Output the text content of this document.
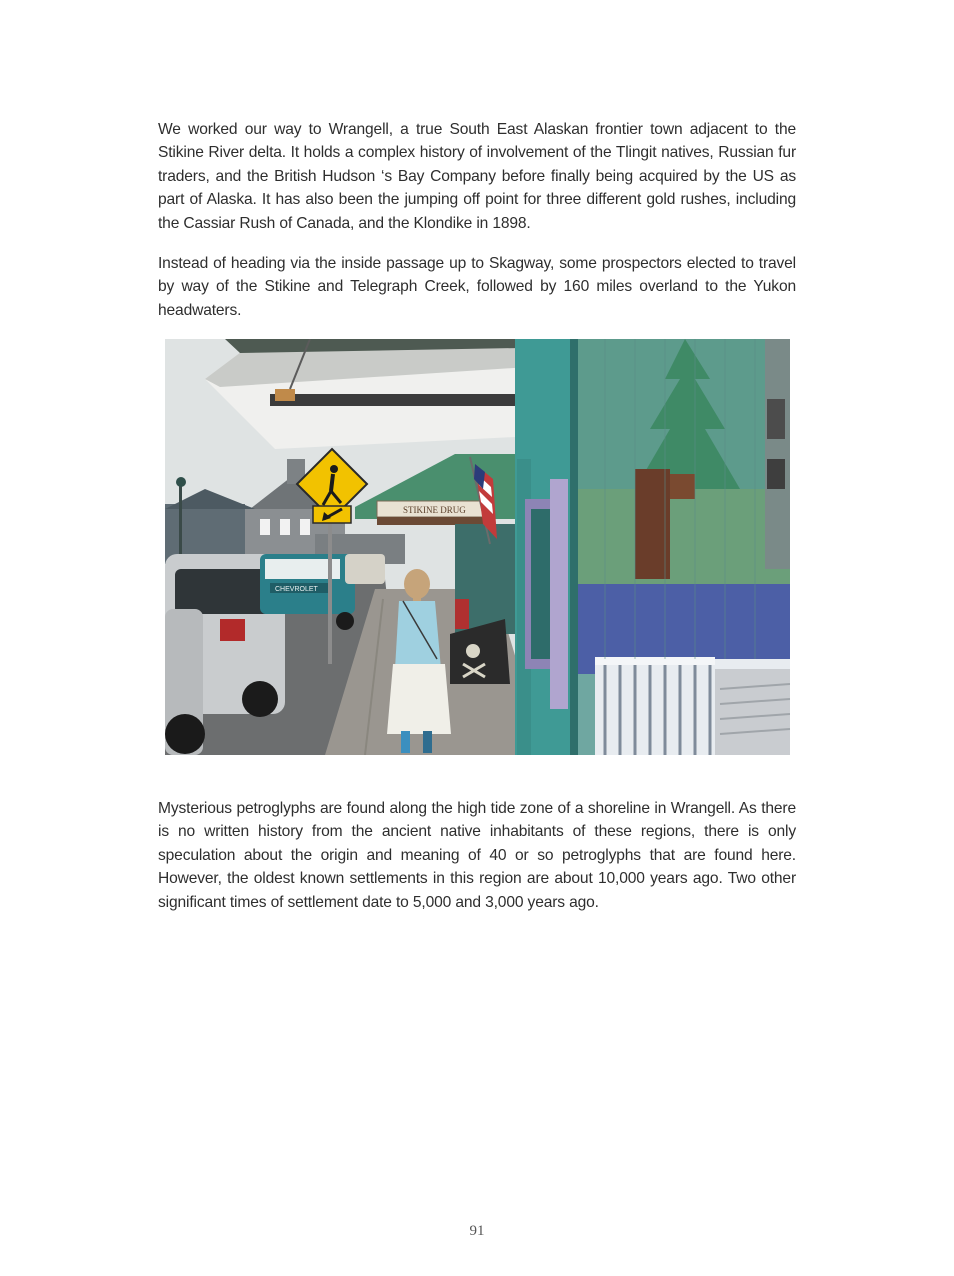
We worked our way to Wrangell, a true South East Alaskan frontier town adjacent to the Stikine River delta. It holds a complex history of involvement of the Tlingit natives, Russian fur traders, and the British Hudson ‘s Bay Company before finally being acquired by the US as part of Alaska. It has also been the jumping off point for three different gold rushes, including the Cassiar Rush of Canada, and the Klondike in 1898.

Instead of heading via the inside passage up to Skagway, some prospectors elected to travel by way of the Stikine and Telegraph Creek, followed by 160 miles overland to the Yukon headwaters.

CHEVROLET
STIKINE DRUG

Mysterious petroglyphs are found along the high tide zone of a shoreline in Wrangell. As there is no written history from the ancient native inhabitants of these regions, there is only speculation about the origin and meaning of 40 or so petroglyphs that are found here. However, the oldest known settlements in this region are about 10,000 years ago. Two other significant times of settlement date to 5,000 and 3,000 years ago.

91
